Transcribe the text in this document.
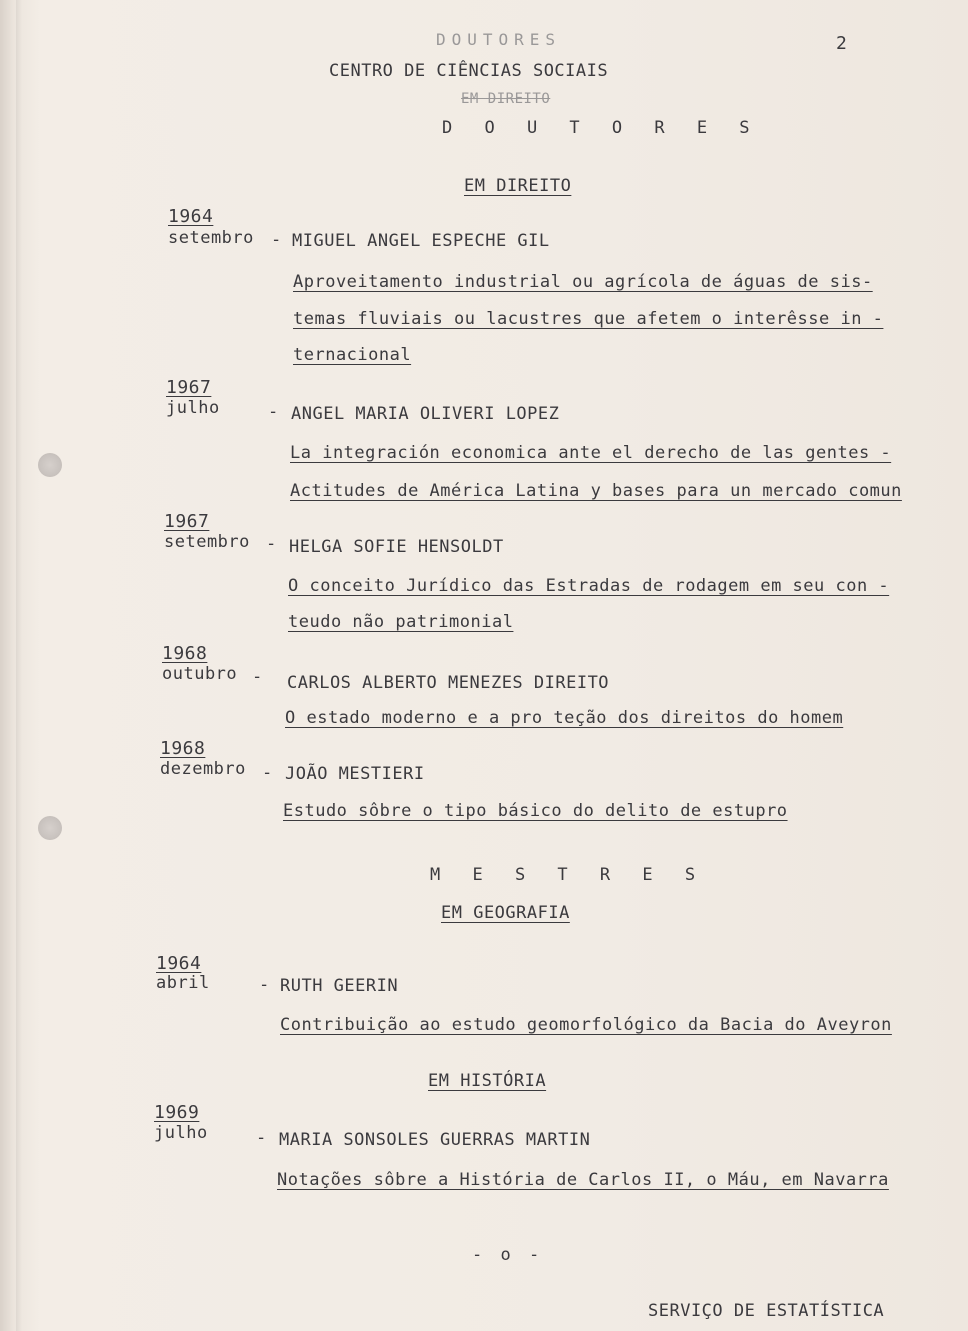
DOUTORES	2
CENTRO DE CIÊNCIAS SOCIAIS
EM DIREITO
D O U T O R E S
EM DIREITO
1964
setembro - MIGUEL ANGEL ESPECHE GIL
Aproveitamento industrial ou agrícola de águas de sis-
temas fluviais ou lacustres que afetem o interêsse in -
ternacional
1967
julho	- ANGEL MARIA OLIVERI LOPEZ
La integración economica ante el derecho de las gentes -
Actitudes de América Latina y bases para un mercado comun
1967
setembro - HELGA SOFIE HENSOLDT
O conceito Jurídico das Estradas de rodagem em seu con -
teudo não patrimonial
1968
outubro - CARLOS ALBERTO MENEZES DIREITO
O estado moderno e a pro teção dos direitos do homem
1968
dezembro - JOÃO MESTIERI
Estudo sôbre o tipo básico do delito de estupro
M E S T R E S
EM GEOGRAFIA
1964
abril	- RUTH GEERIN
Contribuição ao estudo geomorfológico da Bacia do Aveyron
EM HISTÓRIA
1969
julho	- MARIA SONSOLES GUERRAS MARTIN
Notações sôbre a História de Carlos II, o Máu, em Navarra
- o -
SERVIÇO DE ESTATÍSTICA
